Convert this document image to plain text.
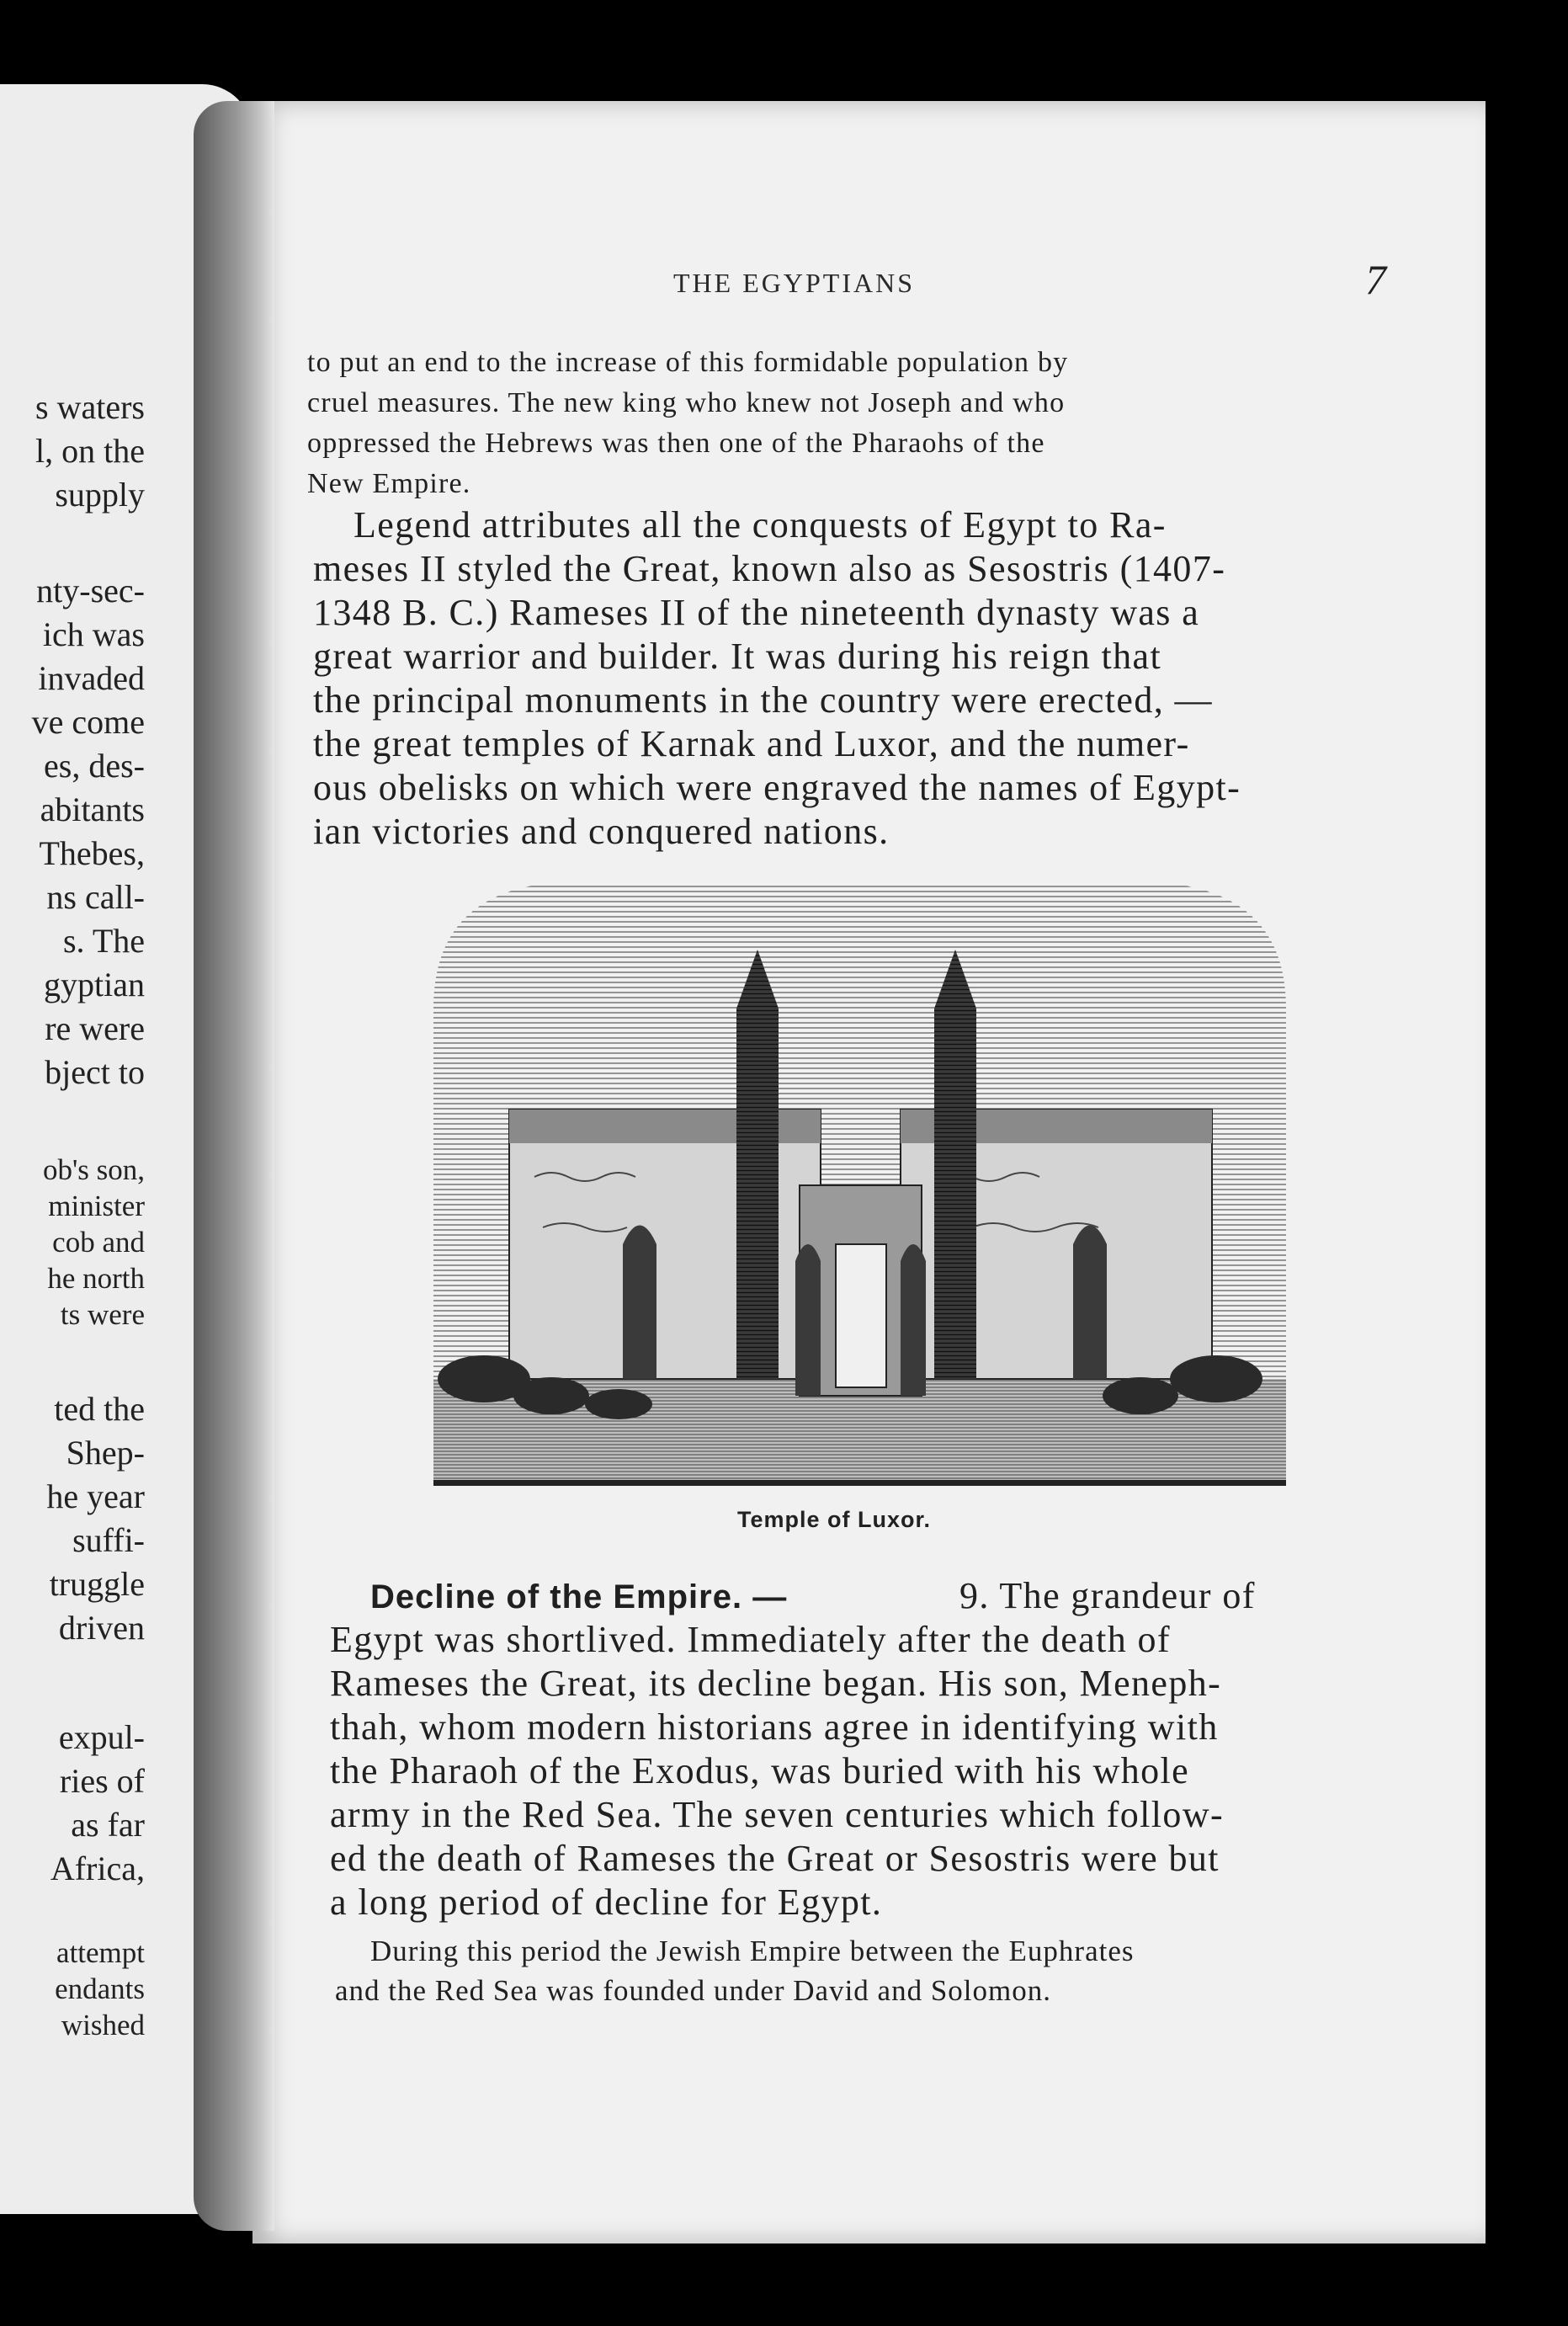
s waters
l, on the
supply
nty-sec-
ich was
invaded
ve come
es, des-
abitants
Thebes,
ns call-
s. The
gyptian
re were
bject to
ob's son,
minister
cob and
he north
ts were
ted the
Shep-
he year
suffi-
truggle
driven
expul-
ries of
as far
Africa,
attempt
endants
wished
THE EGYPTIANS	7
to put an end to the increase of this formidable population by
cruel measures. The new king who knew not Joseph and who
oppressed the Hebrews was then one of the Pharaohs of the
New Empire.
Legend attributes all the conquests of Egypt to Ra-
meses II styled the Great, known also as Sesostris (1407-
1348 B. C.) Rameses II of the nineteenth dynasty was a
great warrior and builder. It was during his reign that
the principal monuments in the country were erected, —
the great temples of Karnak and Luxor, and the numer-
ous obelisks on which were engraved the names of Egypt-
ian victories and conquered nations.
Temple of Luxor.
Decline of the Empire. —	9. The grandeur of
Egypt was shortlived. Immediately after the death of
Rameses the Great, its decline began. His son, Meneph-
thah, whom modern historians agree in identifying with
the Pharaoh of the Exodus, was buried with his whole
army in the Red Sea. The seven centuries which follow-
ed the death of Rameses the Great or Sesostris were but
a long period of decline for Egypt.
During this period the Jewish Empire between the Euphrates
and the Red Sea was founded under David and Solomon.
